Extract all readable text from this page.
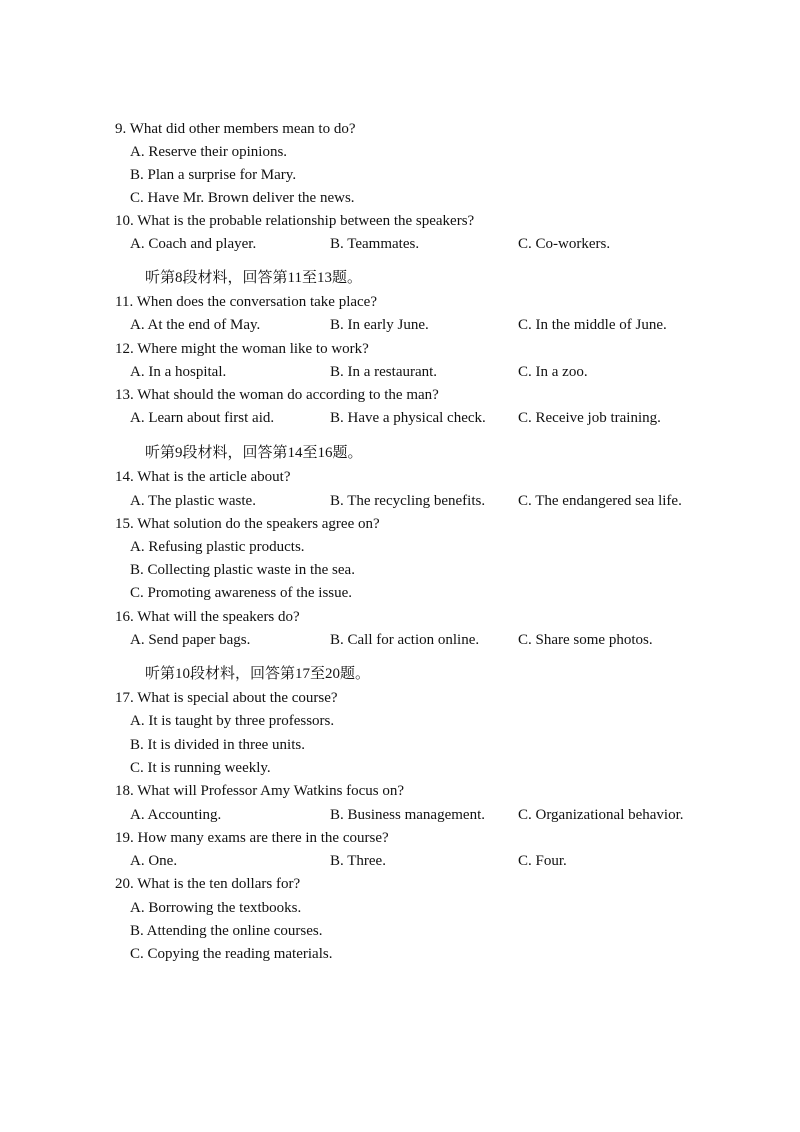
9. What did other members mean to do?
A. Reserve their opinions.
B. Plan a surprise for Mary.
C. Have Mr. Brown deliver the news.
10. What is the probable relationship between the speakers?
A. Coach and player.	B. Teammates.	C. Co-workers.
听第8段材料，回答第11至13题。
11. When does the conversation take place?
A. At the end of May.	B. In early June.	C. In the middle of June.
12. Where might the woman like to work?
A. In a hospital.	B. In a restaurant.	C. In a zoo.
13. What should the woman do according to the man?
A. Learn about first aid.	B. Have a physical check. C. Receive job training.
听第9段材料，回答第14至16题。
14. What is the article about?
A. The plastic waste.	B. The recycling benefits. C. The endangered sea life.
15. What solution do the speakers agree on?
A. Refusing plastic products.
B. Collecting plastic waste in the sea.
C. Promoting awareness of the issue.
16. What will the speakers do?
A. Send paper bags.	B. Call for action online.	C. Share some photos.
听第10段材料，回答第17至20题。
17. What is special about the course?
A. It is taught by three professors.
B. It is divided in three units.
C. It is running weekly.
18. What will Professor Amy Watkins focus on?
A. Accounting.	B. Business management. C. Organizational behavior.
19. How many exams are there in the course?
A. One.	B. Three.	C. Four.
20. What is the ten dollars for?
A. Borrowing the textbooks.
B. Attending the online courses.
C. Copying the reading materials.
